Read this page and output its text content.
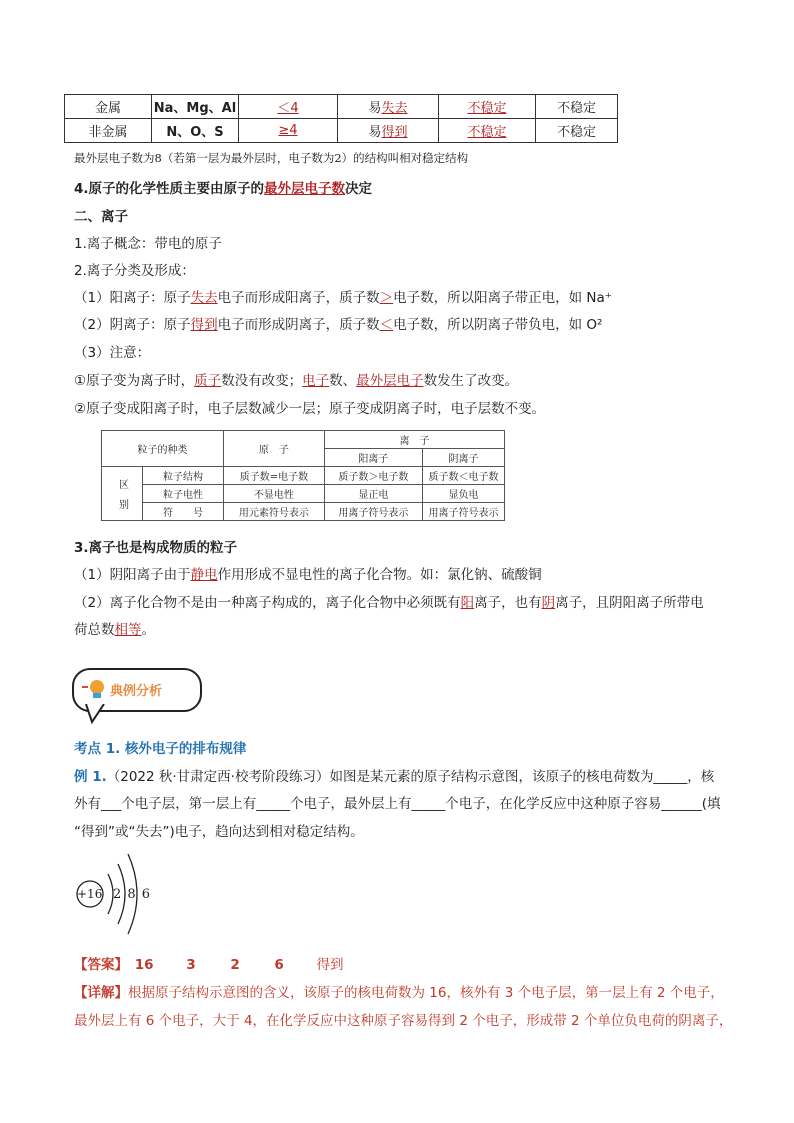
金属	Na、Mg、Al	＜4	易失去	不稳定	不稳定
非金属	N、O、S	≥4	易得到	不稳定	不稳定
最外层电子数为8（若第一层为最外层时，电子数为2）的结构叫相对稳定结构
4.原子的化学性质主要由原子的最外层电子数决定
二、离子
1.离子概念：带电的原子
2.离子分类及形成：
（1）阳离子：原子失去电子而形成阳离子，质子数＞电子数，所以阳离子带正电，如 Na⁺
（2）阴离子：原子得到电子而形成阴离子，质子数＜电子数，所以阴离子带负电，如 O²
（3）注意：
①原子变为离子时，质子数没有改变；电子数、最外层电子数发生了改变。
②原子变成阳离子时，电子层数减少一层；原子变成阴离子时，电子层数不变。
粒子的种类		原　子	离　子	
			阳离子	阴离子
区　别	粒子结构	质子数=电子数	质子数＞电子数	质子数＜电子数
	粒子电性	不显电性	显正电	显负电
	符　　号	用元素符号表示	用离子符号表示	用离子符号表示
3.离子也是构成物质的粒子
（1）阴阳离子由于静电作用形成不显电性的离子化合物。如：氯化钠、硫酸铜
（2）离子化合物不是由一种离子构成的，离子化合物中必须既有阳离子，也有阴离子，且阴阳离子所带电
荷总数相等。
典例分析
考点 1. 核外电子的排布规律
例 1.（2022 秋·甘肃定西·校考阶段练习）如图是某元素的原子结构示意图，该原子的核电荷数为_____，核
外有___个电子层，第一层上有_____个电子，最外层上有_____个电子，在化学反应中这种原子容易______(填
“得到”或“失去”)电子，趋向达到相对稳定结构。
+16 2 8 6
【答案】 16 3	2	6 得到
【详解】根据原子结构示意图的含义，该原子的核电荷数为 16，核外有 3 个电子层，第一层上有 2 个电子，
最外层上有 6 个电子，大于 4，在化学反应中这种原子容易得到 2 个电子，形成带 2 个单位负电荷的阴离子，
